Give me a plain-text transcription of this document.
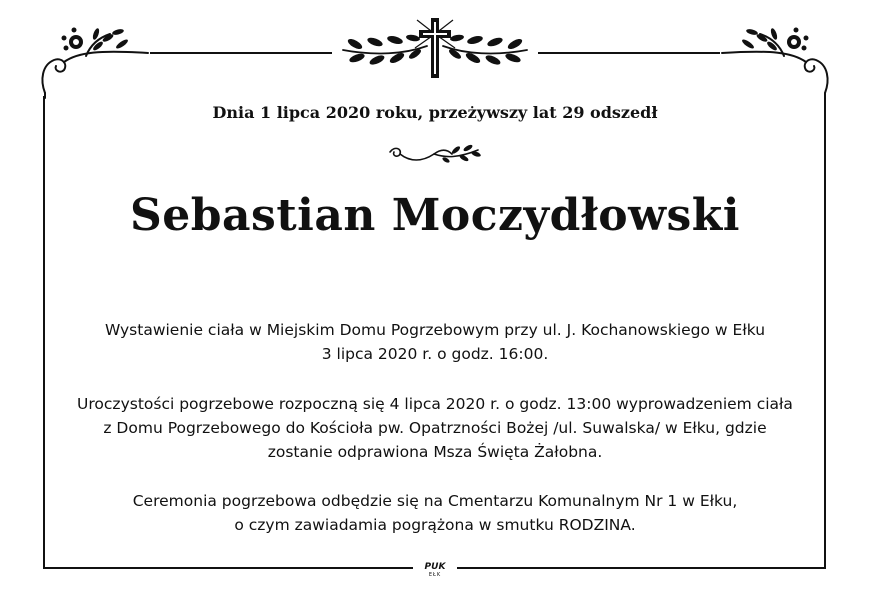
Dnia 1 lipca 2020 roku, przeżywszy lat 29 odszedł
Sebastian Moczydłowski
Wystawienie ciała w Miejskim Domu Pogrzebowym przy ul. J. Kochanowskiego w Ełku
3 lipca 2020 r. o godz. 16:00.
Uroczystości pogrzebowe rozpoczną się 4 lipca 2020 r. o godz. 13:00 wyprowadzeniem ciała
z Domu Pogrzebowego do Kościoła pw. Opatrzności Bożej /ul. Suwalska/ w Ełku, gdzie
zostanie odprawiona Msza Święta Żałobna.
Ceremonia pogrzebowa odbędzie się na Cmentarzu Komunalnym Nr 1 w Ełku,
o czym zawiadamia pogrążona w smutku RODZINA.
PUK
EŁK
